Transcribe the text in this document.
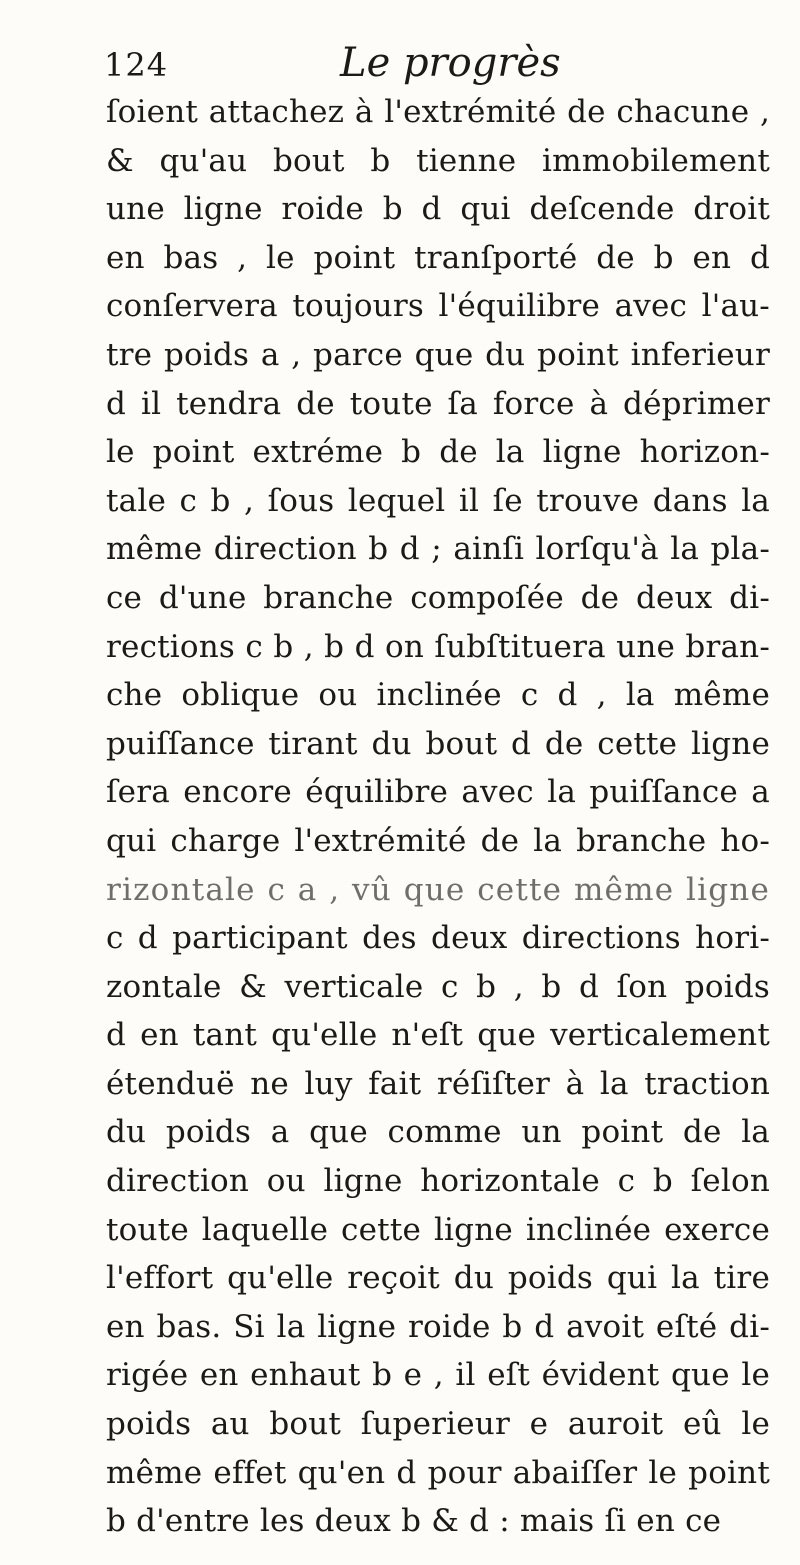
124	Le progrès
ſoient attachez à l'extrémité de chacune ,
& qu'au bout b tienne immobilement
une ligne roide b d qui deſcende droit
en bas , le point tranſporté de b en d
conſervera toujours l'équilibre avec l'au-
tre poids a , parce que du point inferieur
d il tendra de toute ſa force à déprimer
le point extréme b de la ligne horizon-
tale c b , ſous lequel il ſe trouve dans la
même direction b d ; ainſi lorſqu'à la pla-
ce d'une branche compoſée de deux di-
rections c b , b d on ſubſtituera une bran-
che oblique ou inclinée c d , la même
puiſſance tirant du bout d de cette ligne
ſera encore équilibre avec la puiſſance a
qui charge l'extrémité de la branche ho-
rizontale c a , vû que cette même ligne
c d participant des deux directions hori-
zontale & verticale c b , b d ſon poids
d en tant qu'elle n'eſt que verticalement
étenduë ne luy fait réſiſter à la traction
du poids a que comme un point de la
direction ou ligne horizontale c b ſelon
toute laquelle cette ligne inclinée exerce
l'effort qu'elle reçoit du poids qui la tire
en bas. Si la ligne roide b d avoit eſté di-
rigée en enhaut b e , il eſt évident que le
poids au bout ſuperieur e auroit eû le
même effet qu'en d pour abaiſſer le point
b d'entre les deux b & d : mais ſi en ce
